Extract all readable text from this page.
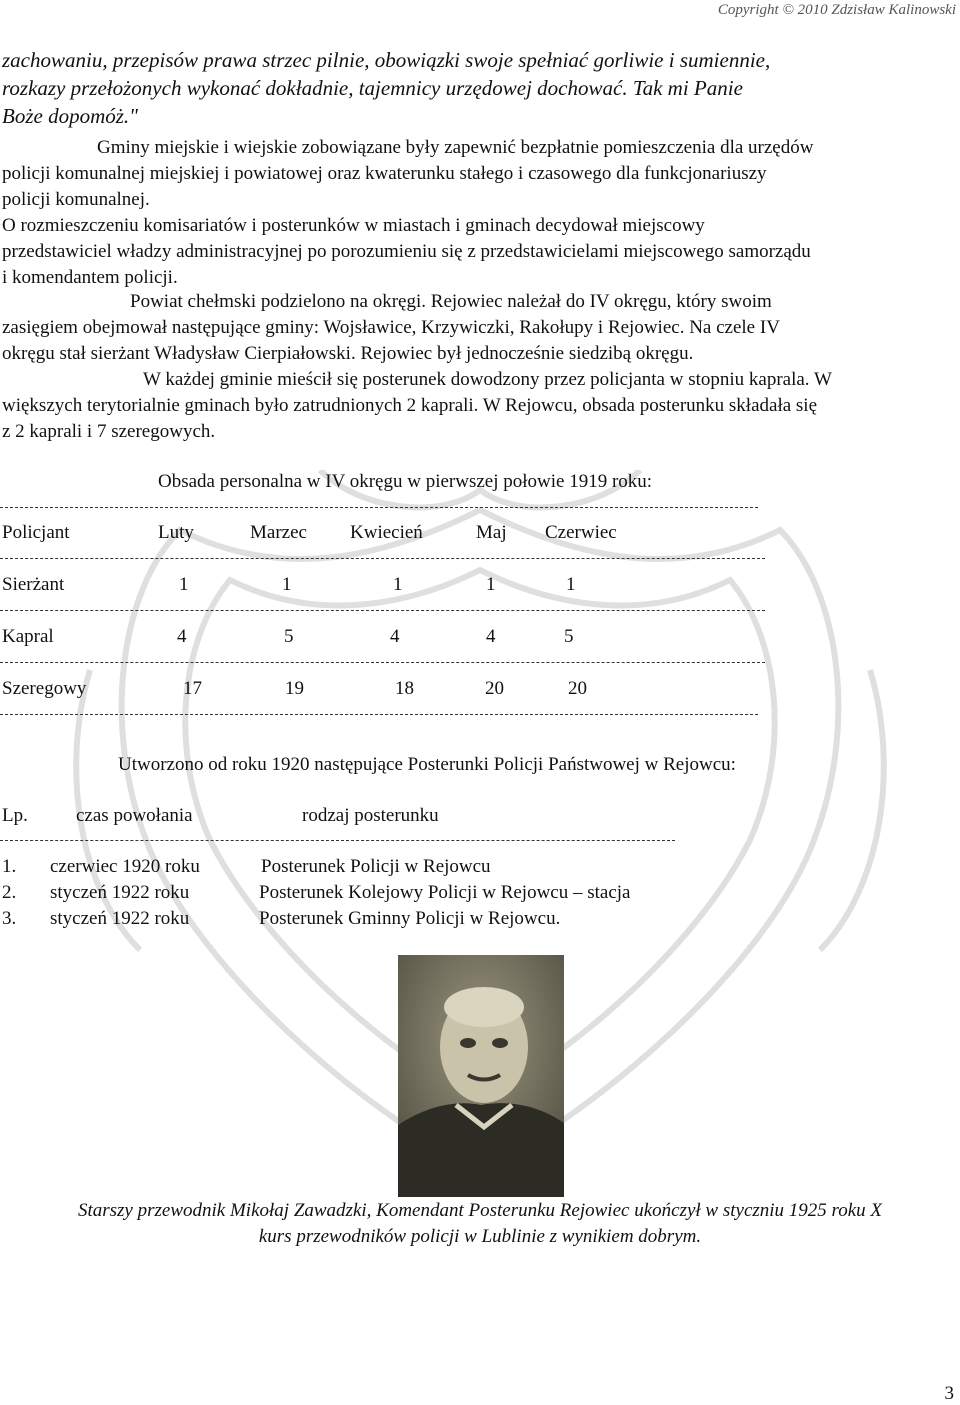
Copyright © 2010 Zdzisław Kalinowski
zachowaniu, przepisów prawa strzec pilnie, obowiązki swoje spełniać gorliwie i sumiennie,
rozkazy przełożonych wykonać dokładnie, tajemnicy urzędowej dochować. Tak mi Panie
Boże dopomóż."
Gminy miejskie i wiejskie zobowiązane były zapewnić bezpłatnie pomieszczenia dla urzędów
policji komunalnej miejskiej i powiatowej oraz kwaterunku stałego i czasowego dla funkcjonariuszy
policji komunalnej.
O rozmieszczeniu komisariatów i posterunków w miastach i gminach decydował miejscowy
przedstawiciel władzy administracyjnej po porozumieniu się z przedstawicielami miejscowego samorządu
i komendantem policji.
Powiat chełmski podzielono na okręgi. Rejowiec należał do IV okręgu, który swoim
zasięgiem obejmował następujące gminy: Wojsławice, Krzywiczki, Rakołupy i Rejowiec. Na czele IV
okręgu stał sierżant Władysław Cierpiałowski. Rejowiec był jednocześnie siedzibą okręgu.
W każdej gminie mieścił się posterunek dowodzony przez policjanta w stopniu kaprala. W
większych terytorialnie gminach było zatrudnionych 2 kaprali. W Rejowcu, obsada posterunku składała się
z 2 kaprali i 7 szeregowych.
Obsada personalna w IV okręgu w pierwszej połowie 1919 roku:
Policjant	Luty	Marzec Kwiecień	Maj Czerwiec
Sierżant	1	1	1	1	1
Kapral	4	5	4	4	5
Szeregowy	17	19	18	20	20
Utworzono od roku 1920 następujące Posterunki Policji Państwowej w Rejowcu:
Lp.	czas powołania	rodzaj posterunku
1. czerwiec 1920 roku	Posterunek Policji w Rejowcu
2. styczeń 1922 roku	Posterunek Kolejowy Policji w Rejowcu – stacja
3. styczeń 1922 roku	Posterunek Gminny Policji w Rejowcu.
Starszy przewodnik Mikołaj Zawadzki, Komendant Posterunku Rejowiec ukończył w styczniu 1925 roku X
kurs przewodników policji w Lublinie z wynikiem dobrym.
3
